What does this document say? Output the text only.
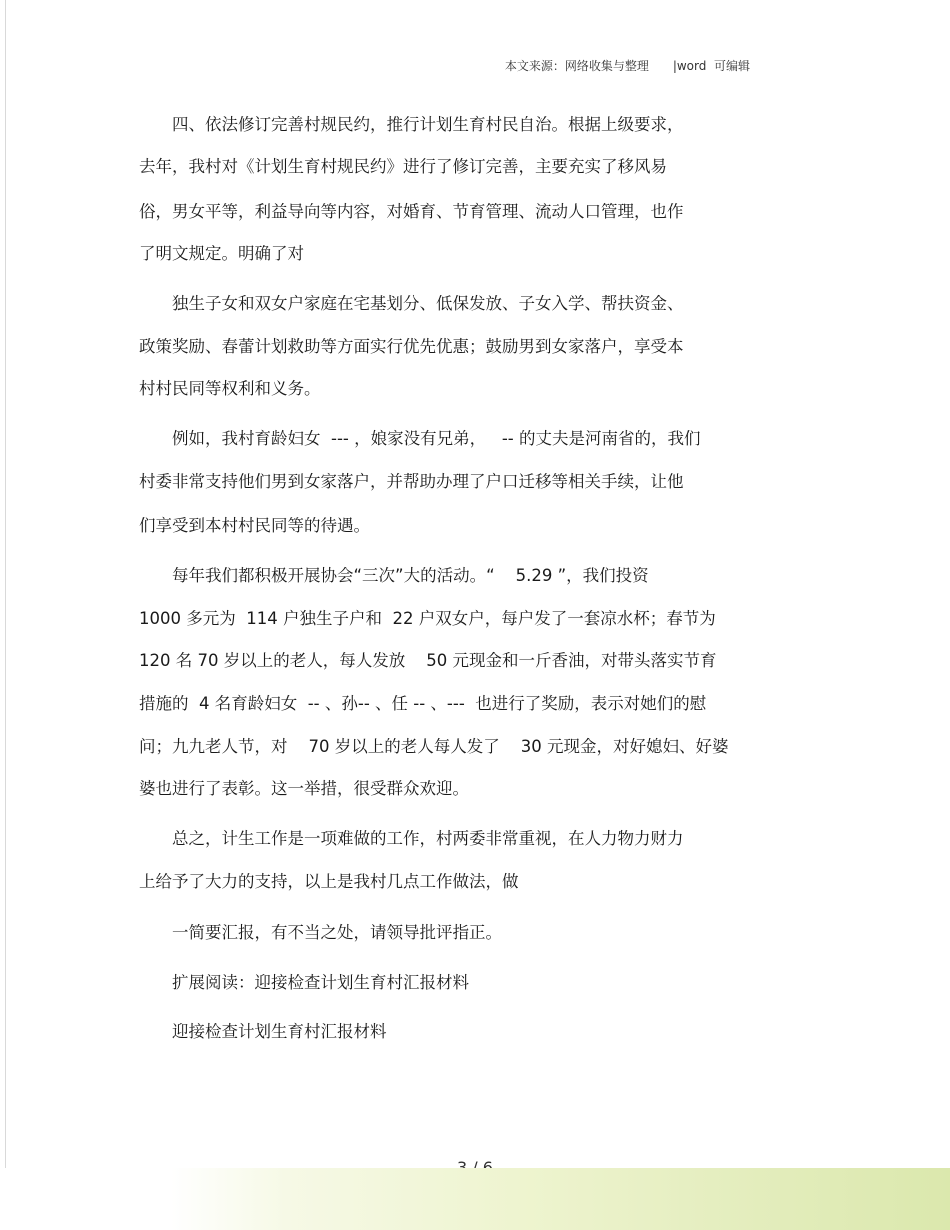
本文来源：网络收集与整理　　|word  可编辑
　　四、依法修订完善村规民约，推行计划生育村民自治。根据上级要求，
去年，我村对《计划生育村规民约》进行了修订完善，主要充实了移风易
俗，男女平等，利益导向等内容，对婚育、节育管理、流动人口管理，也作
了明文规定。明确了对
　　独生子女和双女户家庭在宅基划分、低保发放、子女入学、帮扶资金、
政策奖励、春蕾计划救助等方面实行优先优惠；鼓励男到女家落户，享受本
村村民同等权利和义务。
　　例如，我村育龄妇女  --- ，娘家没有兄弟，   -- 的丈夫是河南省的，我们
村委非常支持他们男到女家落户，并帮助办理了户口迁移等相关手续，让他
们享受到本村村民同等的待遇。
　　每年我们都积极开展协会“三次”大的活动。“    5.29 ”，我们投资
1000 多元为  114 户独生子户和  22 户双女户，每户发了一套凉水杯；春节为
120 名 70 岁以上的老人，每人发放    50 元现金和一斤香油，对带头落实节育
措施的  4 名育龄妇女  -- 、孙-- 、任 -- 、---  也进行了奖励，表示对她们的慰
问；九九老人节，对    70 岁以上的老人每人发了    30 元现金，对好媳妇、好婆
婆也进行了表彰。这一举措，很受群众欢迎。
　　总之，计生工作是一项难做的工作，村两委非常重视，在人力物力财力
上给予了大力的支持，以上是我村几点工作做法，做
　　一简要汇报，有不当之处，请领导批评指正。
　　扩展阅读：迎接检查计划生育村汇报材料
　　迎接检查计划生育村汇报材料
